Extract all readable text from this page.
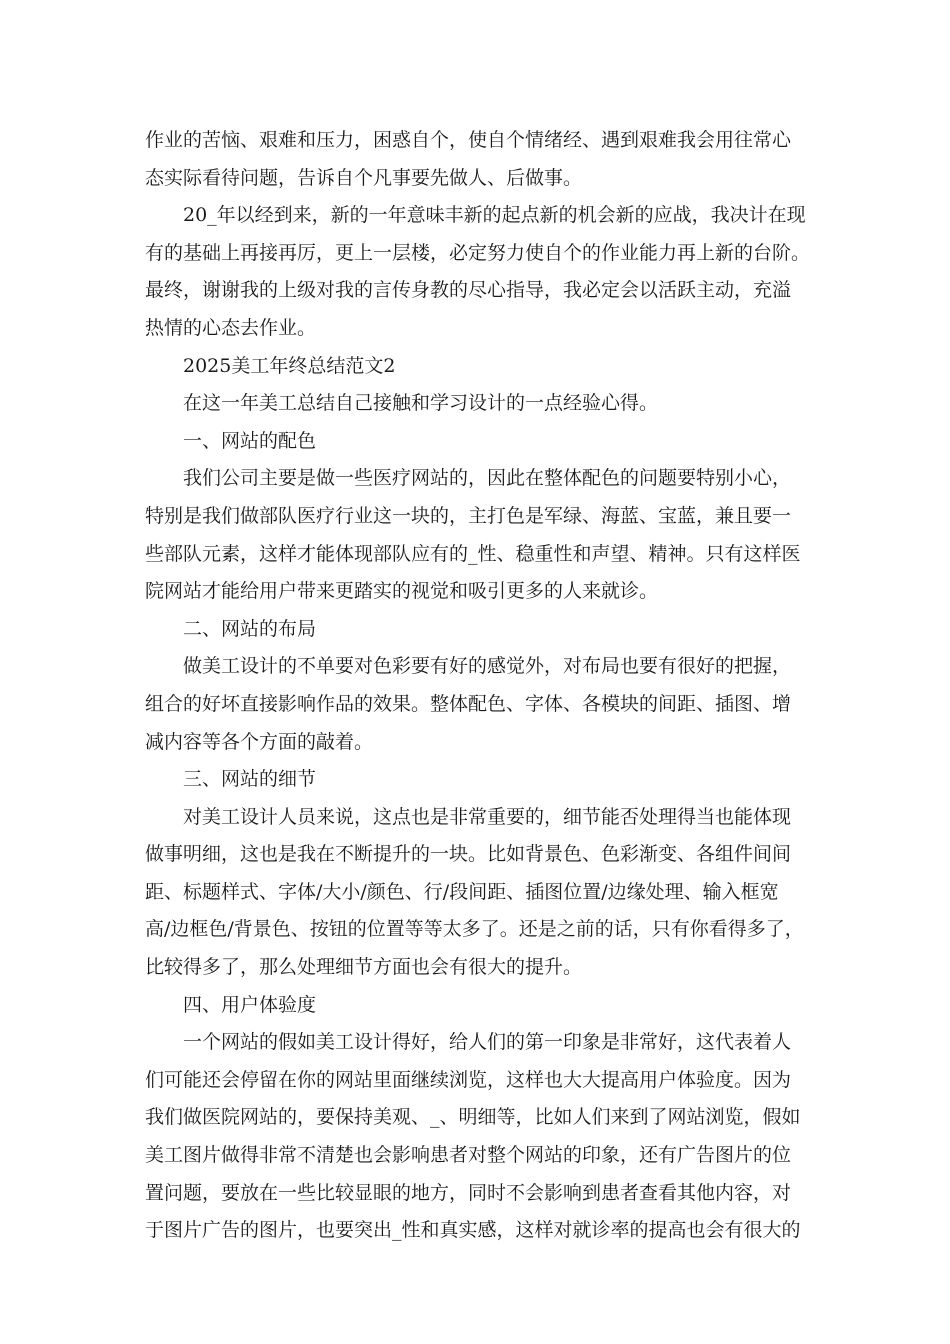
作业的苦恼、艰难和压力，困惑自个，使自个情绪经、遇到艰难我会用往常心
态实际看待问题，告诉自个凡事要先做人、后做事。
20_年以经到来，新的一年意味丰新的起点新的机会新的应战，我决计在现
有的基础上再接再厉，更上一层楼，必定努力使自个的作业能力再上新的台阶。
最终，谢谢我的上级对我的言传身教的尽心指导，我必定会以活跃主动，充溢
热情的心态去作业。
2025美工年终总结范文2
在这一年美工总结自己接触和学习设计的一点经验心得。
一、网站的配色
我们公司主要是做一些医疗网站的，因此在整体配色的问题要特别小心，
特别是我们做部队医疗行业这一块的，主打色是军绿、海蓝、宝蓝，兼且要一
些部队元素，这样才能体现部队应有的_性、稳重性和声望、精神。只有这样医
院网站才能给用户带来更踏实的视觉和吸引更多的人来就诊。
二、网站的布局
做美工设计的不单要对色彩要有好的感觉外，对布局也要有很好的把握，
组合的好坏直接影响作品的效果。整体配色、字体、各模块的间距、插图、增
减内容等各个方面的敲着。
三、网站的细节
对美工设计人员来说，这点也是非常重要的，细节能否处理得当也能体现
做事明细，这也是我在不断提升的一块。比如背景色、色彩渐变、各组件间间
距、标题样式、字体/大小/颜色、行/段间距、插图位置/边缘处理、输入框宽
高/边框色/背景色、按钮的位置等等太多了。还是之前的话，只有你看得多了，
比较得多了，那么处理细节方面也会有很大的提升。
四、用户体验度
一个网站的假如美工设计得好，给人们的第一印象是非常好，这代表着人
们可能还会停留在你的网站里面继续浏览，这样也大大提高用户体验度。因为
我们做医院网站的，要保持美观、_、明细等，比如人们来到了网站浏览，假如
美工图片做得非常不清楚也会影响患者对整个网站的印象，还有广告图片的位
置问题，要放在一些比较显眼的地方，同时不会影响到患者查看其他内容，对
于图片广告的图片，也要突出_性和真实感，这样对就诊率的提高也会有很大的
